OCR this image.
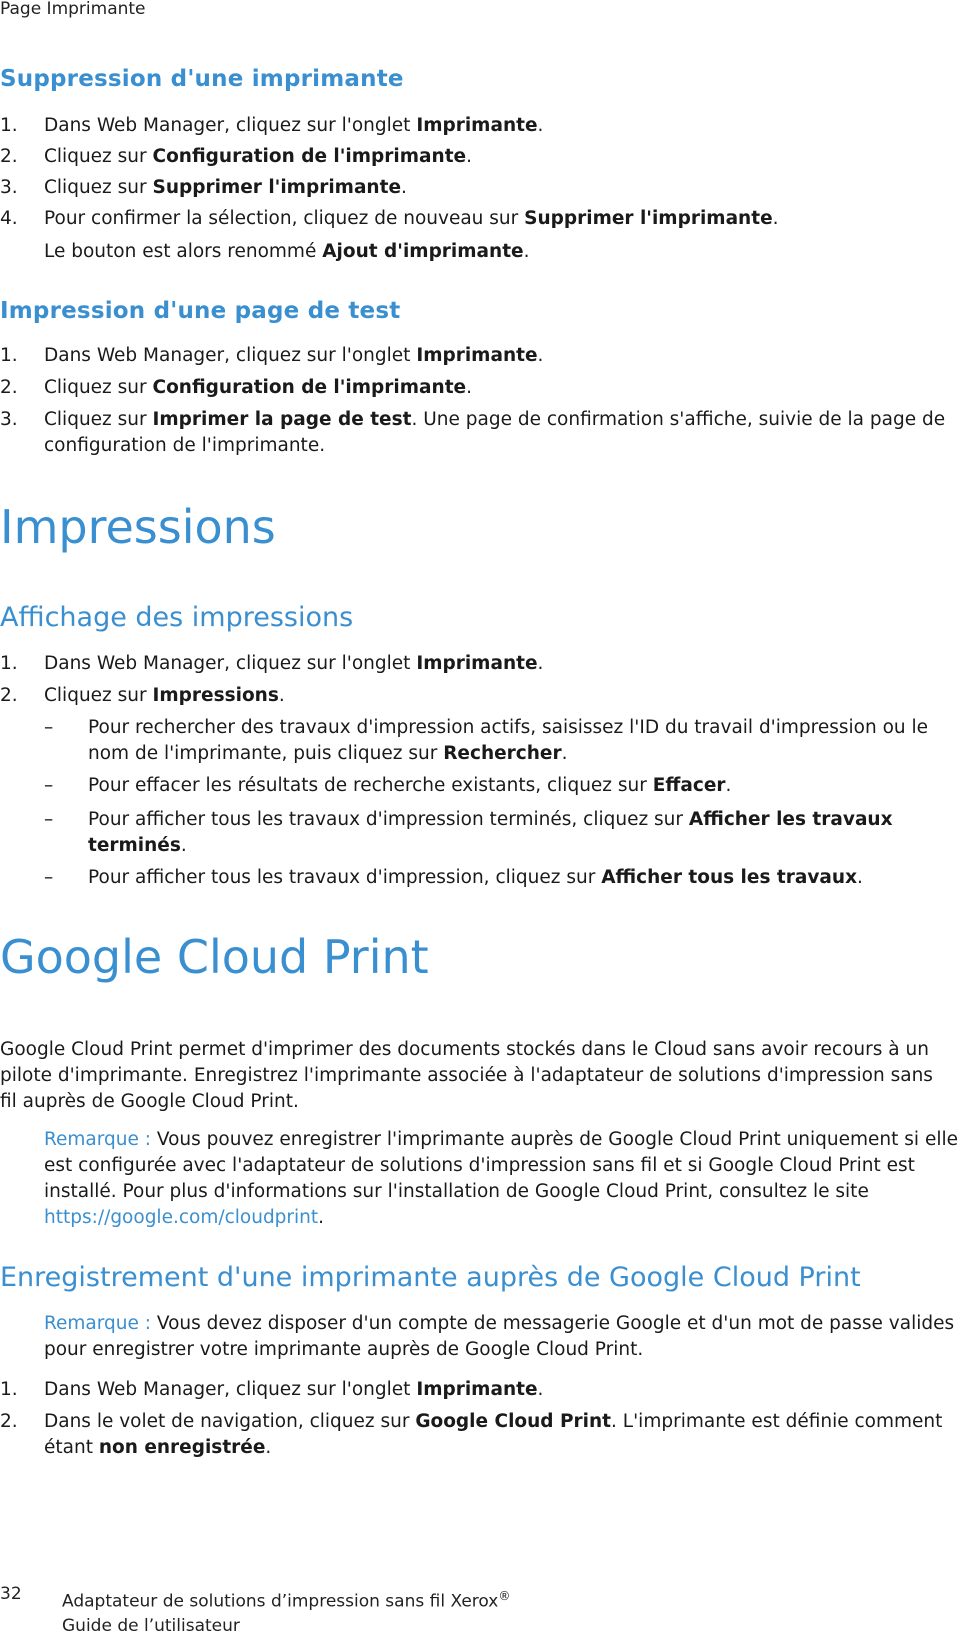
Page Imprimante
Suppression d'une imprimante
1. Dans Web Manager, cliquez sur l'onglet Imprimante.
2. Cliquez sur Configuration de l'imprimante.
3. Cliquez sur Supprimer l'imprimante.
4. Pour confirmer la sélection, cliquez de nouveau sur Supprimer l'imprimante.
Le bouton est alors renommé Ajout d'imprimante.
Impression d'une page de test
1. Dans Web Manager, cliquez sur l'onglet Imprimante.
2. Cliquez sur Configuration de l'imprimante.
3. Cliquez sur Imprimer la page de test. Une page de confirmation s'affiche, suivie de la page de
configuration de l'imprimante.
Impressions
Affichage des impressions
1. Dans Web Manager, cliquez sur l'onglet Imprimante.
2. Cliquez sur Impressions.
– Pour rechercher des travaux d'impression actifs, saisissez l'ID du travail d'impression ou le
nom de l'imprimante, puis cliquez sur Rechercher.
– Pour effacer les résultats de recherche existants, cliquez sur Effacer.
– Pour afficher tous les travaux d'impression terminés, cliquez sur Afficher les travaux
terminés.
– Pour afficher tous les travaux d'impression, cliquez sur Afficher tous les travaux.
Google Cloud Print
Google Cloud Print permet d'imprimer des documents stockés dans le Cloud sans avoir recours à un
pilote d'imprimante. Enregistrez l'imprimante associée à l'adaptateur de solutions d'impression sans
fil auprès de Google Cloud Print.
Remarque : Vous pouvez enregistrer l'imprimante auprès de Google Cloud Print uniquement si elle
est configurée avec l'adaptateur de solutions d'impression sans fil et si Google Cloud Print est
installé. Pour plus d'informations sur l'installation de Google Cloud Print, consultez le site
https://google.com/cloudprint.
Enregistrement d'une imprimante auprès de Google Cloud Print
Remarque : Vous devez disposer d'un compte de messagerie Google et d'un mot de passe valides
pour enregistrer votre imprimante auprès de Google Cloud Print.
1. Dans Web Manager, cliquez sur l'onglet Imprimante.
2. Dans le volet de navigation, cliquez sur Google Cloud Print. L'imprimante est définie comment
étant non enregistrée.
32 Adaptateur de solutions d’impression sans fil Xerox®
Guide de l’utilisateur
